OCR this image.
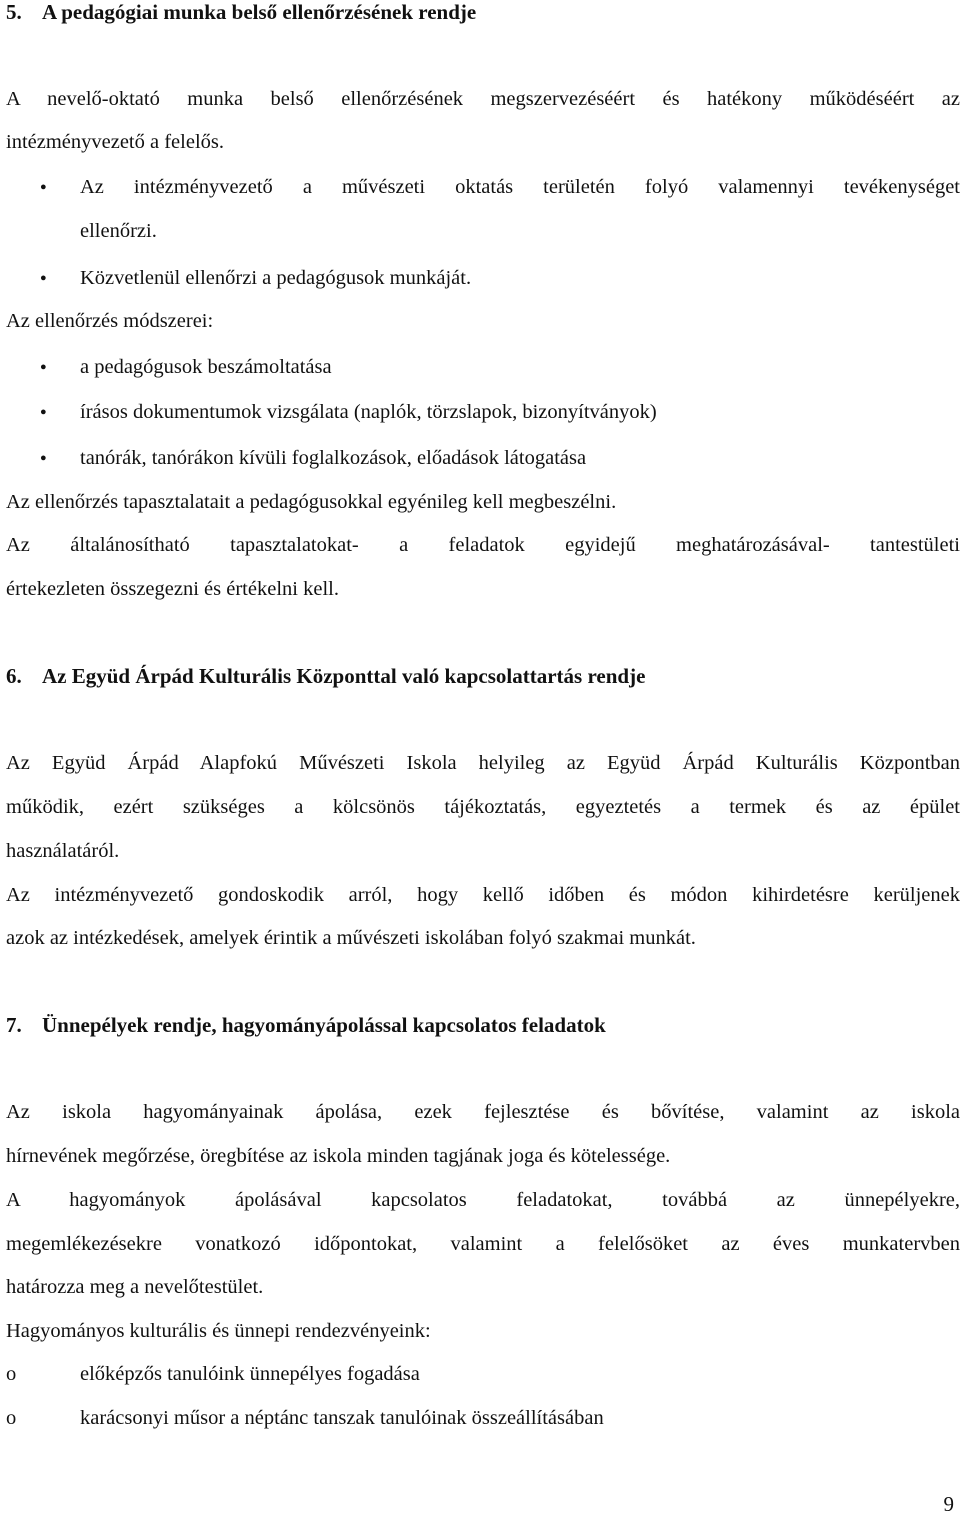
5. A pedagógiai munka belső ellenőrzésének rendje
A nevelő-oktató munka belső ellenőrzésének megszervezéséért és hatékony működéséért az
intézményvezető a felelős.
● Az intézményvezető a művészeti oktatás területén folyó valamennyi tevékenységet
ellenőrzi.
● Közvetlenül ellenőrzi a pedagógusok munkáját.
Az ellenőrzés módszerei:
● a pedagógusok beszámoltatása
● írásos dokumentumok vizsgálata (naplók, törzslapok, bizonyítványok)
● tanórák, tanórákon kívüli foglalkozások, előadások látogatása
Az ellenőrzés tapasztalatait a pedagógusokkal egyénileg kell megbeszélni.
Az általánosítható tapasztalatokat- a feladatok egyidejű meghatározásával- tantestületi
értekezleten összegezni és értékelni kell.
6. Az Együd Árpád Kulturális Központtal való kapcsolattartás rendje
Az Együd Árpád Alapfokú Művészeti Iskola helyileg az Együd Árpád Kulturális Központban
működik, ezért szükséges a kölcsönös tájékoztatás, egyeztetés a termek és az épület
használatáról.
Az intézményvezető gondoskodik arról, hogy kellő időben és módon kihirdetésre kerüljenek
azok az intézkedések, amelyek érintik a művészeti iskolában folyó szakmai munkát.
7. Ünnepélyek rendje, hagyományápolással kapcsolatos feladatok
Az iskola hagyományainak ápolása, ezek fejlesztése és bővítése, valamint az iskola
hírnevének megőrzése, öregbítése az iskola minden tagjának joga és kötelessége.
A hagyományok ápolásával kapcsolatos feladatokat, továbbá az ünnepélyekre,
megemlékezésekre vonatkozó időpontokat, valamint a felelősöket az éves munkatervben
határozza meg a nevelőtestület.
Hagyományos kulturális és ünnepi rendezvényeink:
o	előképzős tanulóink ünnepélyes fogadása
o	karácsonyi műsor a néptánc tanszak tanulóinak összeállításában
9
